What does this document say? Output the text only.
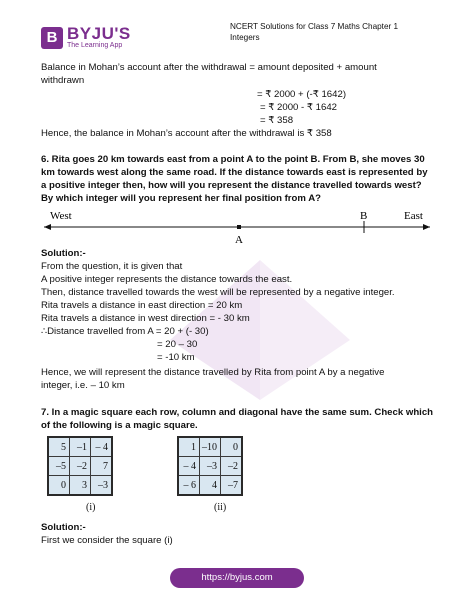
B BYJU'S
The Learning App
NCERT Solutions for Class 7 Maths Chapter 1
Integers
Balance in Mohan’s account after the withdrawal = amount deposited + amount
withdrawn
= ₹ 2000 + (-₹ 1642)
= ₹ 2000 - ₹ 1642
= ₹ 358
Hence, the balance in Mohan’s account after the withdrawal is ₹ 358
6. Rita goes 20 km towards east from a point A to the point B. From B, she moves 30
km towards west along the same road. If the distance towards east is represented by
a positive integer then, how will you represent the distance travelled towards west?
By which integer will you represent her final position from A?
West	East
B
A
Solution:-
From the question, it is given that
A positive integer represents the distance towards the east.
Then, distance travelled towards the west will be represented by a negative integer.
Rita travels a distance in east direction = 20 km
Rita travels a distance in west direction = - 30 km
∴Distance travelled from A = 20 + (- 30)
= 20 – 30
= -10 km
Hence, we will represent the distance travelled by Rita from point A by a negative
integer, i.e. – 10 km
7. In a magic square each row, column and diagonal have the same sum. Check which
of the following is a magic square.
5	–1	– 4
–5	–2	7
0	3	–3
(i)
1	–10	0
– 4	–3	–2
– 6	4	–7
(ii)
Solution:-
First we consider the square (i)
https://byjus.com
